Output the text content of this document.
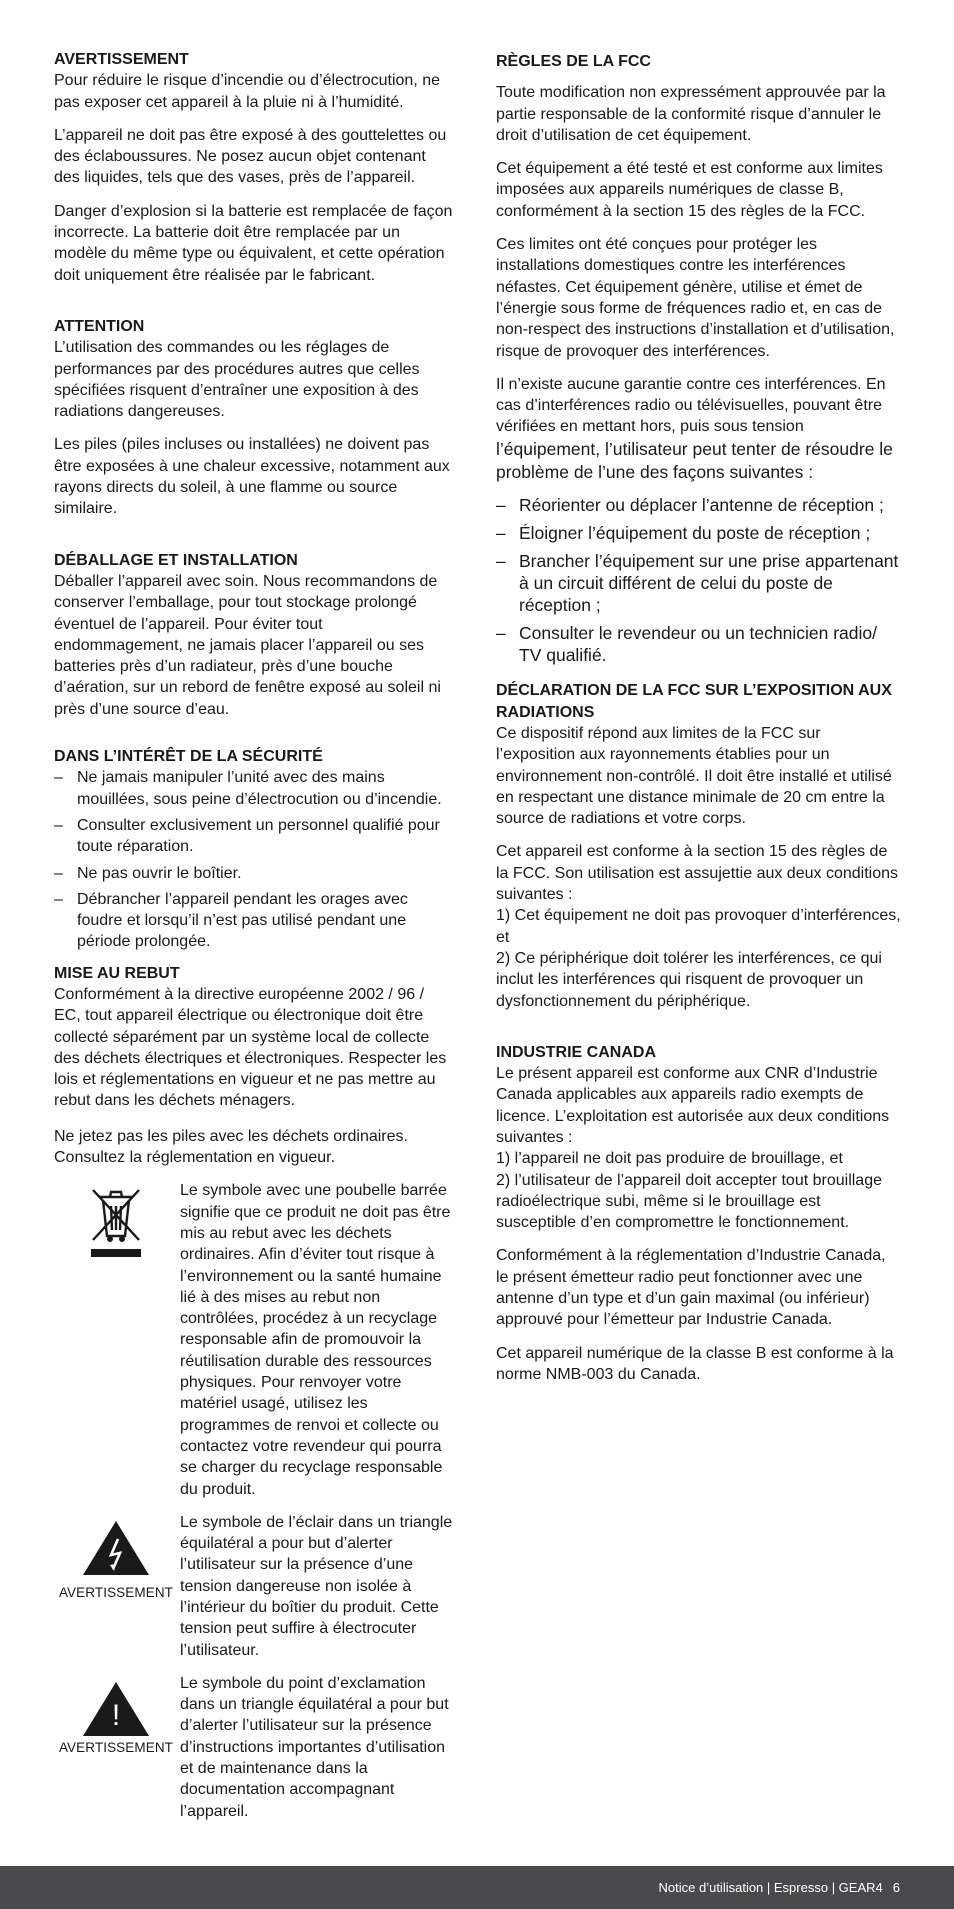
AVERTISSEMENT

Pour réduire le risque d’incendie ou d’électrocution, ne pas exposer cet appareil à la pluie ni à l’humidité.

L’appareil ne doit pas être exposé à des gouttelettes ou des éclaboussures. Ne posez aucun objet contenant des liquides, tels que des vases, près de l’appareil.

Danger d’explosion si la batterie est remplacée de façon incorrecte. La batterie doit être remplacée par un modèle du même type ou équivalent, et cette opération doit uniquement être réalisée par le fabricant.

ATTENTION

L’utilisation des commandes ou les réglages de performances par des procédures autres que celles spécifiées risquent d’entraîner une exposition à des radiations dangereuses.

Les piles (piles incluses ou installées) ne doivent pas être exposées à une chaleur excessive, notamment aux rayons directs du soleil, à une flamme ou source similaire.

DÉBALLAGE ET INSTALLATION

Déballer l’appareil avec soin. Nous recommandons de conserver l’emballage, pour tout stockage prolongé éventuel de l’appareil. Pour éviter tout endommagement, ne jamais placer l’appareil ou ses batteries près d’un radiateur, près d’une bouche d’aération, sur un rebord de fenêtre exposé au soleil ni près d’une source d’eau.

DANS L’INTÉRÊT DE LA SÉCURITÉ

– Ne jamais manipuler l’unité avec des mains mouillées, sous peine d’électrocution ou d’incendie.
– Consulter exclusivement un personnel qualifié pour toute réparation.
– Ne pas ouvrir le boîtier.
– Débrancher l’appareil pendant les orages avec foudre et lorsqu’il n’est pas utilisé pendant une période prolongée.

MISE AU REBUT

Conformément à la directive européenne 2002 / 96 / EC, tout appareil électrique ou électronique doit être collecté séparément par un système local de collecte des déchets électriques et électroniques. Respecter les lois et réglementations en vigueur et ne pas mettre au rebut dans les déchets ménagers.

Ne jetez pas les piles avec les déchets ordinaires. Consultez la réglementation en vigueur.

Le symbole avec une poubelle barrée signifie que ce produit ne doit pas être mis au rebut avec les déchets ordinaires. Afin d’éviter tout risque à l’environnement ou la santé humaine lié à des mises au rebut non contrôlées, procédez à un recyclage responsable afin de promouvoir la réutilisation durable des ressources physiques. Pour renvoyer votre matériel usagé, utilisez les programmes de renvoi et collecte ou contactez votre revendeur qui pourra se charger du recyclage responsable du produit.
AVERTISSEMENT
Le symbole de l’éclair dans un triangle équilatéral a pour but d’alerter l’utilisateur sur la présence d’une tension dangereuse non isolée à l’intérieur du boîtier du produit. Cette tension peut suffire à électrocuter l’utilisateur.
!
AVERTISSEMENT
Le symbole du point d’exclamation dans un triangle équilatéral a pour but d’alerter l’utilisateur sur la présence d’instructions importantes d’utilisation et de maintenance dans la documentation accompagnant l’appareil.

RÈGLES DE LA FCC

Toute modification non expressément approuvée par la partie responsable de la conformité risque d’annuler le droit d’utilisation de cet équipement.

Cet équipement a été testé et est conforme aux limites imposées aux appareils numériques de classe B, conformément à la section 15 des règles de la FCC.

Ces limites ont été conçues pour protéger les installations domestiques contre les interférences néfastes. Cet équipement génère, utilise et émet de l’énergie sous forme de fréquences radio et, en cas de non-respect des instructions d’installation et d’utilisation, risque de provoquer des interférences.

Il n’existe aucune garantie contre ces interférences. En cas d’interférences radio ou télévisuelles, pouvant être vérifiées en mettant hors, puis sous tension
l’équipement, l’utilisateur peut tenter de résoudre le problème de l’une des façons suivantes :

– Réorienter ou déplacer l’antenne de réception ;
– Éloigner l’équipement du poste de réception ;
– Brancher l’équipement sur une prise appartenant à un circuit différent de celui du poste de réception ;
– Consulter le revendeur ou un technicien radio/ TV qualifié.

DÉCLARATION DE LA FCC SUR L’EXPOSITION AUX RADIATIONS

Ce dispositif répond aux limites de la FCC sur l’exposition aux rayonnements établies pour un environnement non-contrôlé. Il doit être installé et utilisé en respectant une distance minimale de 20 cm entre la source de radiations et votre corps.

Cet appareil est conforme à la section 15 des règles de la FCC. Son utilisation est assujettie aux deux conditions suivantes :
1) Cet équipement ne doit pas provoquer d’interférences, et
2) Ce périphérique doit tolérer les interférences, ce qui inclut les interférences qui risquent de provoquer un dysfonctionnement du périphérique.

INDUSTRIE CANADA

Le présent appareil est conforme aux CNR d’Industrie Canada applicables aux appareils radio exempts de licence. L’exploitation est autorisée aux deux conditions suivantes :
1) l’appareil ne doit pas produire de brouillage, et
2) l’utilisateur de l’appareil doit accepter tout brouillage radioélectrique subi, même si le brouillage est susceptible d’en compromettre le fonctionnement.

Conformément à la réglementation d’Industrie Canada, le présent émetteur radio peut fonctionner avec une antenne d’un type et d’un gain maximal (ou inférieur) approuvé pour l’émetteur par Industrie Canada.

Cet appareil numérique de la classe B est conforme à la norme NMB-003 du Canada.

Notice d’utilisation | Espresso | GEAR4 6
